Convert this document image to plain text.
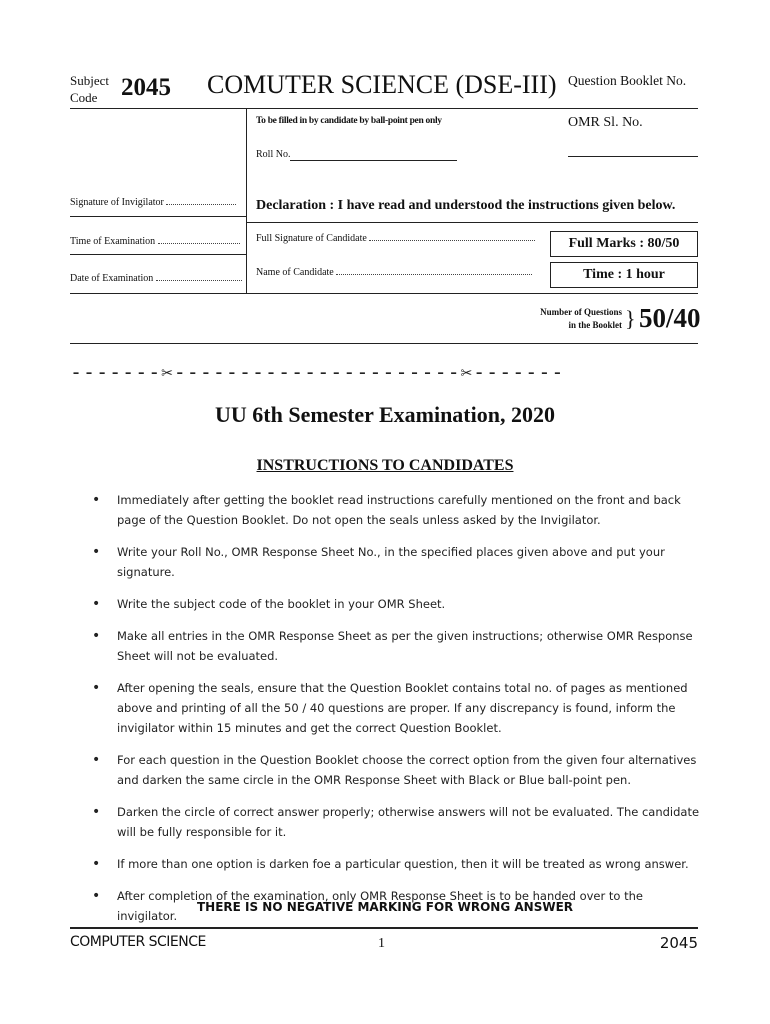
Subject
Code 2045 COMUTER SCIENCE (DSE-III) Question Booklet No.
To be filled in by candidate by ball-point pen only	OMR Sl. No.
Roll No.
Signature of Invigilator
Time of Examination
Date of Examination
Declaration : I have read and understood the instructions given below.
Full Signature of Candidate
Name of Candidate
Full Marks : 80/50
Time : 1 hour
Number of Questions
in the Booklet } 50/40
-------✂----------------------✂-------
UU 6th Semester Examination, 2020
INSTRUCTIONS TO CANDIDATES
• Immediately after getting the booklet read instructions carefully mentioned on the front and back page of the Question Booklet. Do not open the seals unless asked by the Invigilator.
• Write your Roll No., OMR Response Sheet No., in the specified places given above and put your signature.
• Write the subject code of the booklet in your OMR Sheet.
• Make all entries in the OMR Response Sheet as per the given instructions; otherwise OMR Response Sheet will not be evaluated.
• After opening the seals, ensure that the Question Booklet contains total no. of pages as mentioned above and printing of all the 50 / 40 questions are proper. If any discrepancy is found, inform the invigilator within 15 minutes and get the correct Question Booklet.
• For each question in the Question Booklet choose the correct option from the given four alternatives and darken the same circle in the OMR Response Sheet with Black or Blue ball-point pen.
• Darken the circle of correct answer properly; otherwise answers will not be evaluated. The candidate will be fully responsible for it.
• If more than one option is darken foe a particular question, then it will be treated as wrong answer.
• After completion of the examination, only OMR Response Sheet is to be handed over to the invigilator.
THERE IS NO NEGATIVE MARKING FOR WRONG ANSWER
COMPUTER SCIENCE	1	2045
